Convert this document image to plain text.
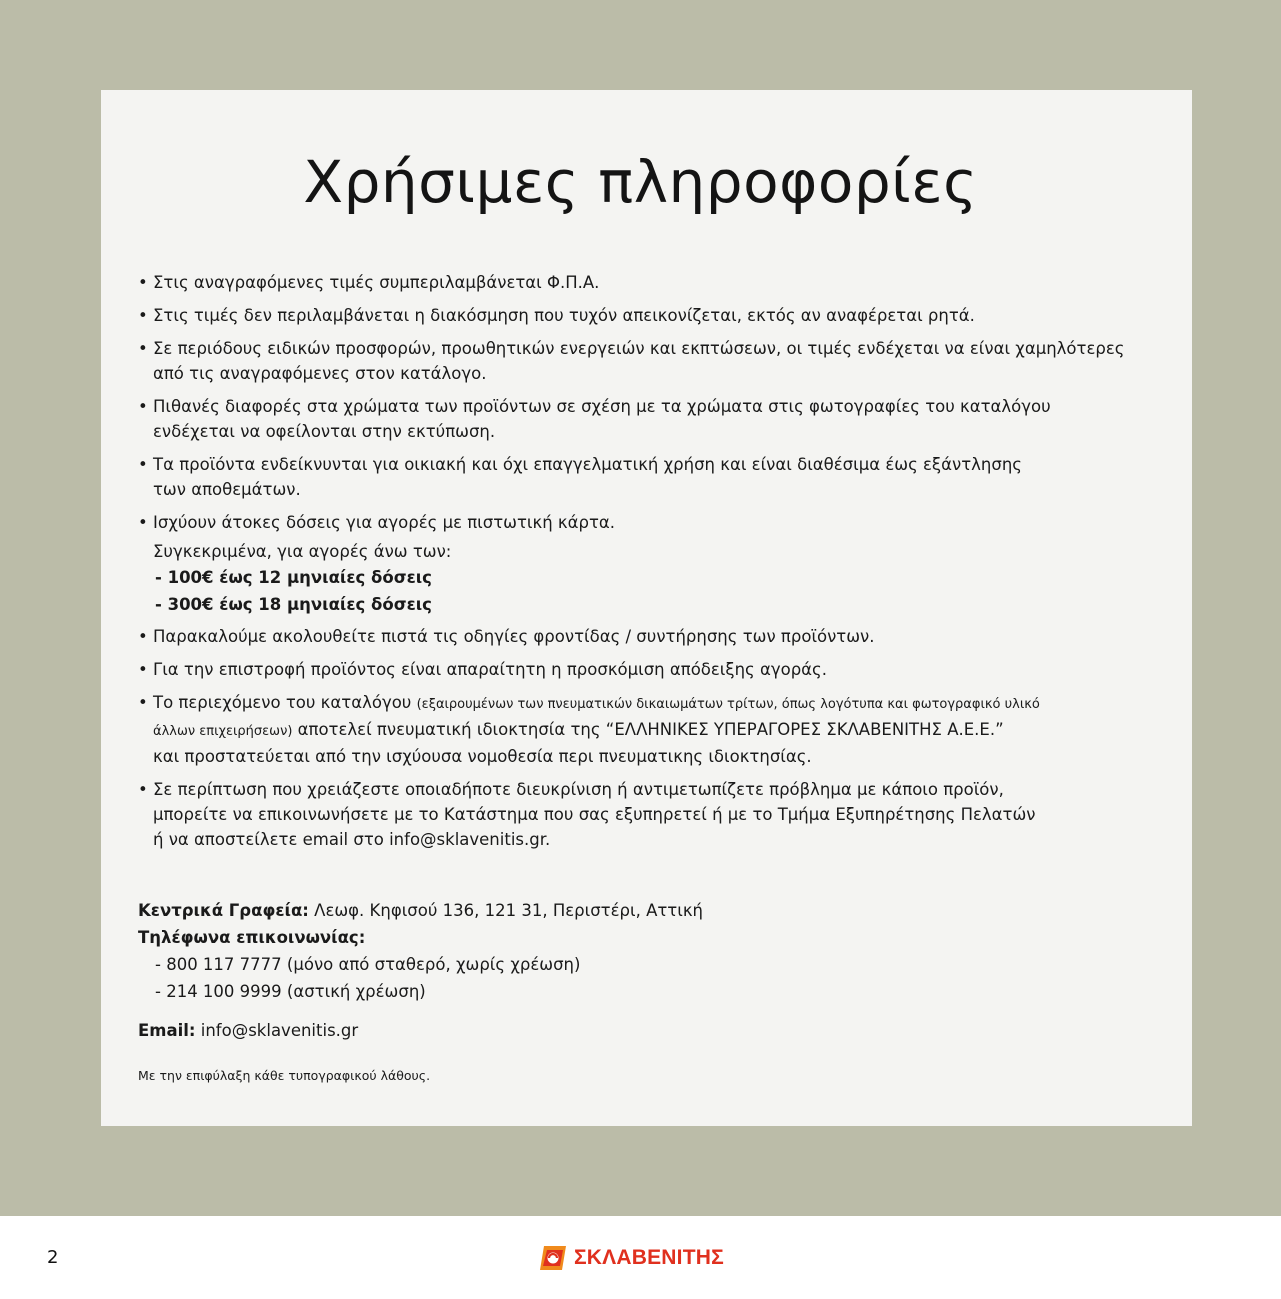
Χρήσιμες πληροφορίες
• Στις αναγραφόμενες τιμές συμπεριλαμβάνεται Φ.Π.Α.
• Στις τιμές δεν περιλαμβάνεται η διακόσμηση που τυχόν απεικονίζεται, εκτός αν αναφέρεται ρητά.
• Σε περιόδους ειδικών προσφορών, προωθητικών ενεργειών και εκπτώσεων, οι τιμές ενδέχεται να είναι χαμηλότερες
από τις αναγραφόμενες στον κατάλογο.
• Πιθανές διαφορές στα χρώματα των προϊόντων σε σχέση με τα χρώματα στις φωτογραφίες του καταλόγου
ενδέχεται να οφείλονται στην εκτύπωση.
• Τα προϊόντα ενδείκνυνται για οικιακή και όχι επαγγελματική χρήση και είναι διαθέσιμα έως εξάντλησης
των αποθεμάτων.
• Ισχύουν άτοκες δόσεις για αγορές με πιστωτική κάρτα.
Συγκεκριμένα, για αγορές άνω των:
- 100€ έως 12 μηνιαίες δόσεις
- 300€ έως 18 μηνιαίες δόσεις
• Παρακαλούμε ακολουθείτε πιστά τις οδηγίες φροντίδας / συντήρησης των προϊόντων.
• Για την επιστροφή προϊόντος είναι απαραίτητη η προσκόμιση απόδειξης αγοράς.
• Το περιεχόμενο του καταλόγου (εξαιρουμένων των πνευματικών δικαιωμάτων τρίτων, όπως λογότυπα και φωτογραφικό υλικό
άλλων επιχειρήσεων) αποτελεί πνευματική ιδιοκτησία της “ΕΛΛΗΝΙΚΕΣ ΥΠΕΡΑΓΟΡΕΣ ΣΚΛΑΒΕΝΙΤΗΣ Α.Ε.Ε.”
και προστατεύεται από την ισχύουσα νομοθεσία περι πνευματικης ιδιοκτησίας.
• Σε περίπτωση που χρειάζεστε οποιαδήποτε διευκρίνιση ή αντιμετωπίζετε πρόβλημα με κάποιο προϊόν,
μπορείτε να επικοινωνήσετε με το Κατάστημα που σας εξυπηρετεί ή με το Τμήμα Εξυπηρέτησης Πελατών
ή να αποστείλετε email στο info@sklavenitis.gr.
Κεντρικά Γραφεία: Λεωφ. Κηφισού 136, 121 31, Περιστέρι, Αττική
Τηλέφωνα επικοινωνίας:
- 800 117 7777 (μόνο από σταθερό, χωρίς χρέωση)
- 214 100 9999 (αστική χρέωση)
Email: info@sklavenitis.gr
Με την επιφύλαξη κάθε τυπογραφικού λάθους.
2	ΣΚΛΑΒΕΝΙΤΗΣ
